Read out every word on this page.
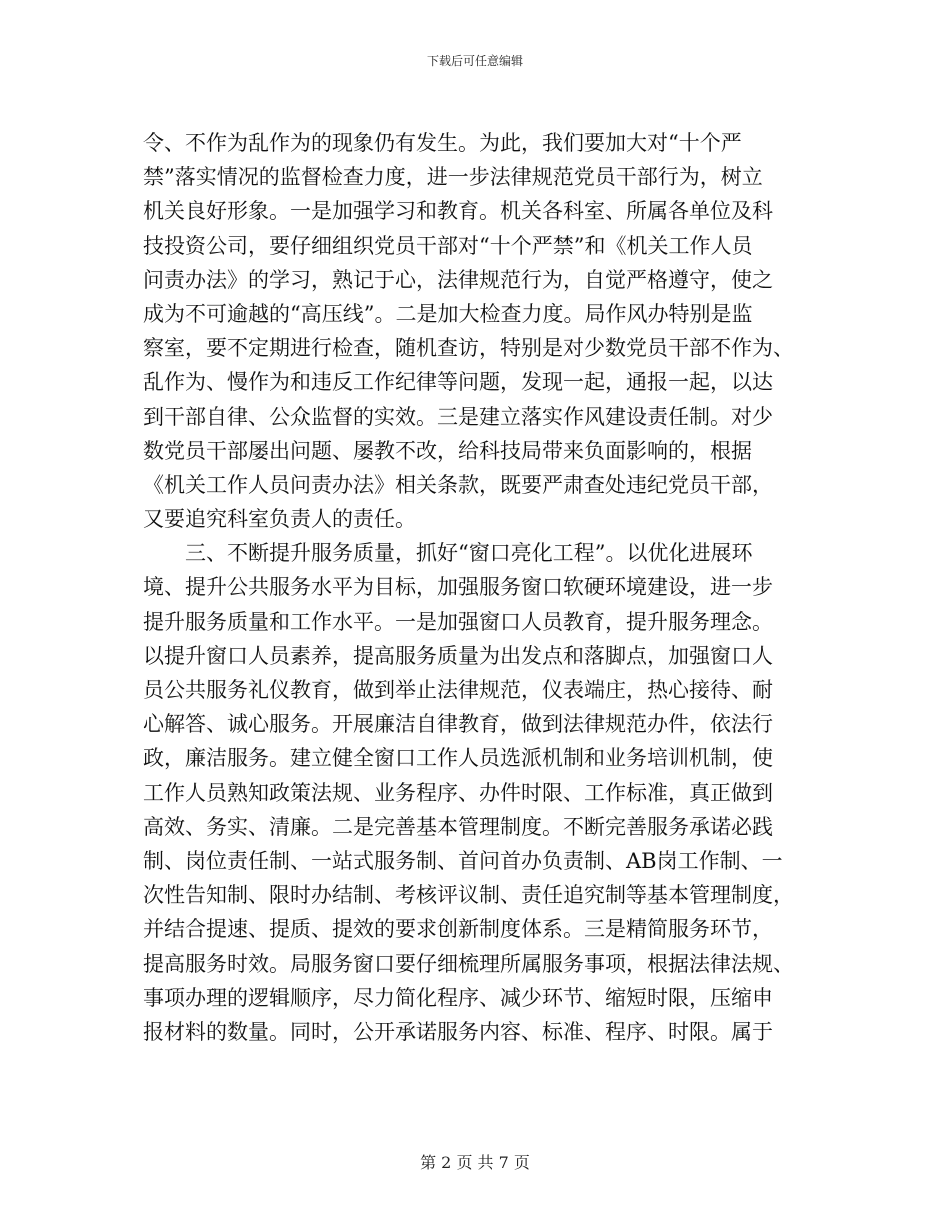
下载后可任意编辑
令、不作为乱作为的现象仍有发生。为此，我们要加大对“十个严
禁”落实情况的监督检查力度，进一步法律规范党员干部行为，树立
机关良好形象。一是加强学习和教育。机关各科室、所属各单位及科
技投资公司，要仔细组织党员干部对“十个严禁”和《机关工作人员
问责办法》的学习，熟记于心，法律规范行为，自觉严格遵守，使之
成为不可逾越的“高压线”。二是加大检查力度。局作风办特别是监
察室，要不定期进行检查，随机查访，特别是对少数党员干部不作为、
乱作为、慢作为和违反工作纪律等问题，发现一起，通报一起，以达
到干部自律、公众监督的实效。三是建立落实作风建设责任制。对少
数党员干部屡出问题、屡教不改，给科技局带来负面影响的，根据
《机关工作人员问责办法》相关条款，既要严肃查处违纪党员干部，
又要追究科室负责人的责任。
三、不断提升服务质量，抓好“窗口亮化工程”。以优化进展环
境、提升公共服务水平为目标，加强服务窗口软硬环境建设，进一步
提升服务质量和工作水平。一是加强窗口人员教育，提升服务理念。
以提升窗口人员素养，提高服务质量为出发点和落脚点，加强窗口人
员公共服务礼仪教育，做到举止法律规范，仪表端庄，热心接待、耐
心解答、诚心服务。开展廉洁自律教育，做到法律规范办件，依法行
政，廉洁服务。建立健全窗口工作人员选派机制和业务培训机制，使
工作人员熟知政策法规、业务程序、办件时限、工作标准，真正做到
高效、务实、清廉。二是完善基本管理制度。不断完善服务承诺必践
制、岗位责任制、一站式服务制、首问首办负责制、AB岗工作制、一
次性告知制、限时办结制、考核评议制、责任追究制等基本管理制度，
并结合提速、提质、提效的要求创新制度体系。三是精简服务环节，
提高服务时效。局服务窗口要仔细梳理所属服务事项，根据法律法规、
事项办理的逻辑顺序，尽力简化程序、减少环节、缩短时限，压缩申
报材料的数量。同时，公开承诺服务内容、标准、程序、时限。属于
第 2 页 共 7 页
